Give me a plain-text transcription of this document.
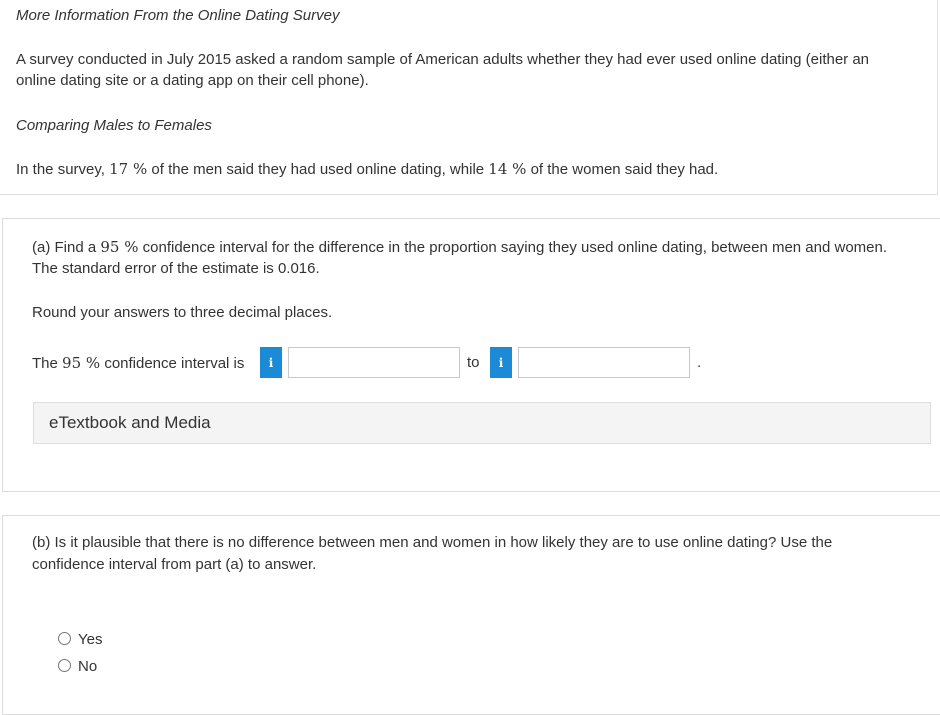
More Information From the Online Dating Survey
A survey conducted in July 2015 asked a random sample of American adults whether they had ever used online dating (either an
online dating site or a dating app on their cell phone).
Comparing Males to Females
In the survey, 17 % of the men said they had used online dating, while 14 % of the women said they had.
(a) Find a 95 % confidence interval for the difference in the proportion saying they used online dating, between men and women.
The standard error of the estimate is 0.016.
Round your answers to three decimal places.
The 95 % confidence interval is	i	to	i	.
eTextbook and Media
(b) Is it plausible that there is no difference between men and women in how likely they are to use online dating? Use the
confidence interval from part (a) to answer.
Yes
No
